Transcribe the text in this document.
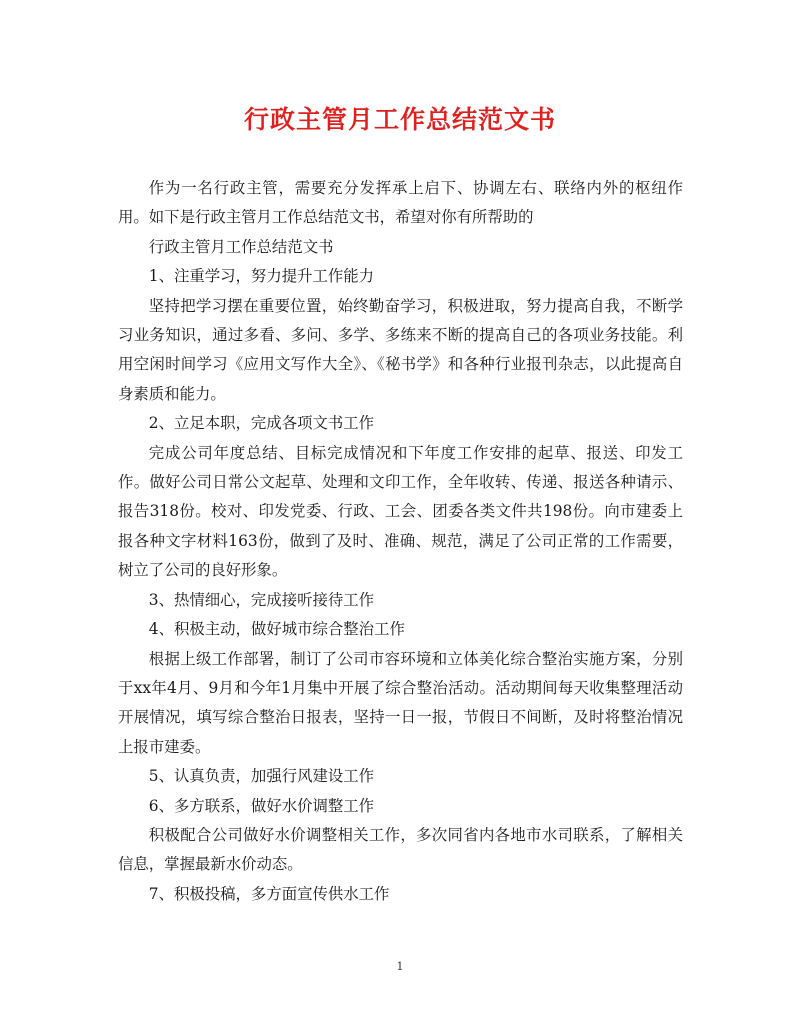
行政主管月工作总结范文书

作为一名行政主管，需要充分发挥承上启下、协调左右、联络内外的枢纽作用。如下是行政主管月工作总结范文书，希望对你有所帮助的

行政主管月工作总结范文书

1、注重学习，努力提升工作能力

坚持把学习摆在重要位置，始终勤奋学习，积极进取，努力提高自我，不断学习业务知识，通过多看、多问、多学、多练来不断的提高自己的各项业务技能。利用空闲时间学习《应用文写作大全》、《秘书学》和各种行业报刊杂志，以此提高自身素质和能力。

2、立足本职，完成各项文书工作

完成公司年度总结、目标完成情况和下年度工作安排的起草、报送、印发工作。做好公司日常公文起草、处理和文印工作，全年收转、传递、报送各种请示、报告318份。校对、印发党委、行政、工会、团委各类文件共198份。向市建委上报各种文字材料163份，做到了及时、准确、规范，满足了公司正常的工作需要，树立了公司的良好形象。

3、热情细心，完成接听接待工作

4、积极主动，做好城市综合整治工作

根据上级工作部署，制订了公司市容环境和立体美化综合整治实施方案，分别于xx年4月、9月和今年1月集中开展了综合整治活动。活动期间每天收集整理活动开展情况，填写综合整治日报表，坚持一日一报，节假日不间断，及时将整治情况上报市建委。

5、认真负责，加强行风建设工作

6、多方联系，做好水价调整工作

积极配合公司做好水价调整相关工作，多次同省内各地市水司联系，了解相关信息，掌握最新水价动态。

7、积极投稿，多方面宣传供水工作

1
